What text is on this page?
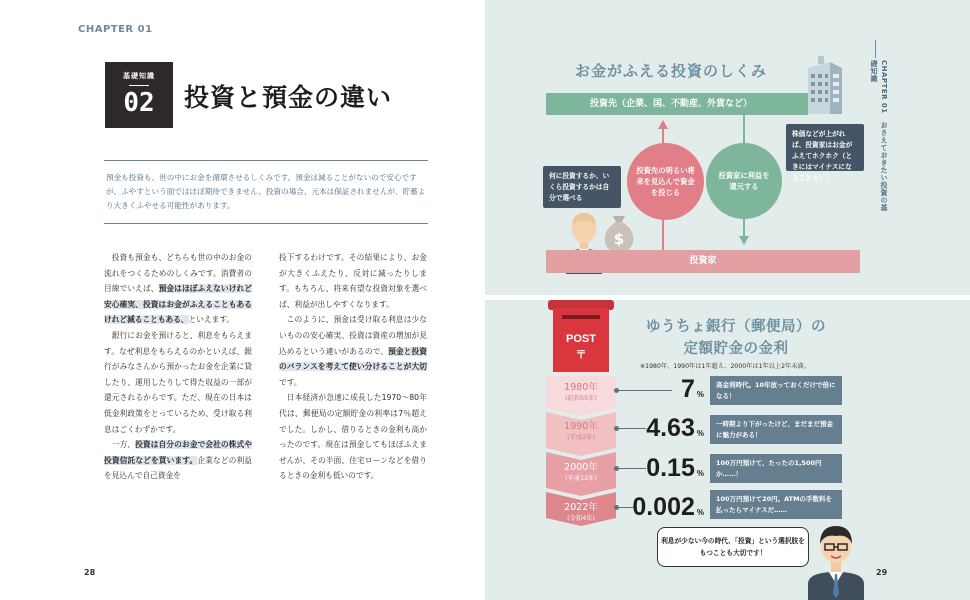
CHAPTER 01
基礎知識
02	投資と預金の違い
預金も投資も、世の中にお金を循環させるしくみです。預金は減ることがないので安心ですが、ふやすという面ではほぼ期待できません。投資の場合、元本は保証されませんが、貯蓄より大きくふやせる可能性があります。

投資も預金も、どちらも世の中のお金の流れをつくるためのしくみです。消費者の目線でいえば、預金はほぼふえないけれど安心確実、投資はお金がふえることもあるけれど減ることもある、といえます。

銀行にお金を預けると、利息をもらえます。なぜ利息をもらえるのかといえば、銀行がみなさんから預かったお金を企業に貸したり、運用したりして得た収益の一部が還元されるからです。ただ、現在の日本は低金利政策をとっているため、受け取る利息はごくわずかです。

一方、投資は自分のお金で会社の株式や投資信託などを買います。企業などの利益を見込んで自己資金を

投下するわけです。その結果により、お金が大きくふえたり、反対に減ったりします。もちろん、将来有望な投資対象を選べば、利益が出しやすくなります。

このように、預金は受け取る利息は少ないものの安心確実、投資は資産の増加が見込めるという違いがあるので、預金と投資のバランスを考えて使い分けることが大切です。

日本経済が急速に成長した1970〜80年代は、郵便局の定額貯金の利率は7％超えでした。しかし、借りるときの金利も高かったのです。現在は預金してもほぼふえませんが、その半面、住宅ローンなどを借りるときの金利も低いのです。

28
CHAPTER 01　おさえておきたい投資の基礎知識
お金がふえる投資のしくみ
投資先（企業、国、不動産、外貨など）
投資先の明るい将来を見込んで資金を投じる
投資家に利益を還元する
何に投資するか、いくら投資するかは自分で選べる
株価などが上がれば、投資家はお金がふえてホクホク（ときにはマイナスになることも）！
$
投資家
POST
〒
ゆうちょ銀行（郵便局）の
定額貯金の金利
※1980年、1990年は1年超え、2000年は1年以上2年未満。
1980年
(昭和55年)
1990年
(平成2年)
2000年
(平成12年)
2022年
(令和4年)
7 %
4.63 %
0.15 %
0.002 %
高金利時代。10年放っておくだけで倍になる！
一時期より下がったけど、まだまだ預金に魅力がある！
100万円預けて、たったの1,500円か……！
100万円預けて20円。ATMの手数料を払ったらマイナスだ……
利息が少ない今の時代、「投資」という選択肢をもつことも大切です！
29
